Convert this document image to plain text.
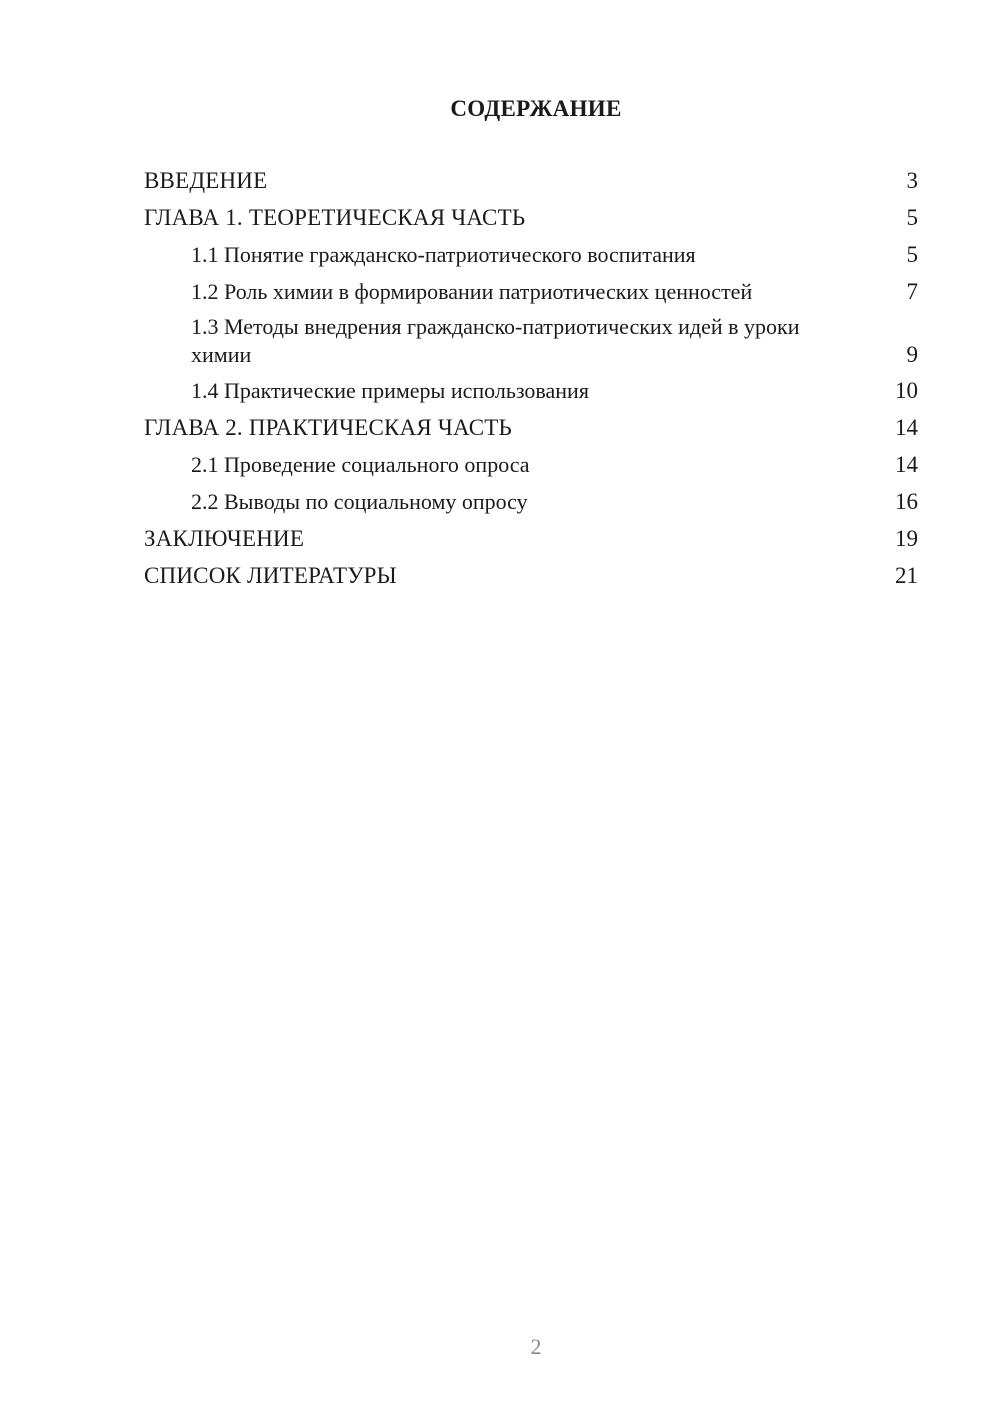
СОДЕРЖАНИЕ
ВВЕДЕНИЕ	3
ГЛАВА 1. ТЕОРЕТИЧЕСКАЯ ЧАСТЬ	5
1.1 Понятие гражданско-патриотического воспитания	5
1.2 Роль химии в формировании патриотических ценностей	7
1.3 Методы внедрения гражданско-патриотических идей в уроки химии	9
1.4 Практические примеры использования	10
ГЛАВА 2. ПРАКТИЧЕСКАЯ ЧАСТЬ	14
2.1 Проведение социального опроса	14
2.2 Выводы по социальному опросу	16
ЗАКЛЮЧЕНИЕ	19
СПИСОК ЛИТЕРАТУРЫ	21
2
